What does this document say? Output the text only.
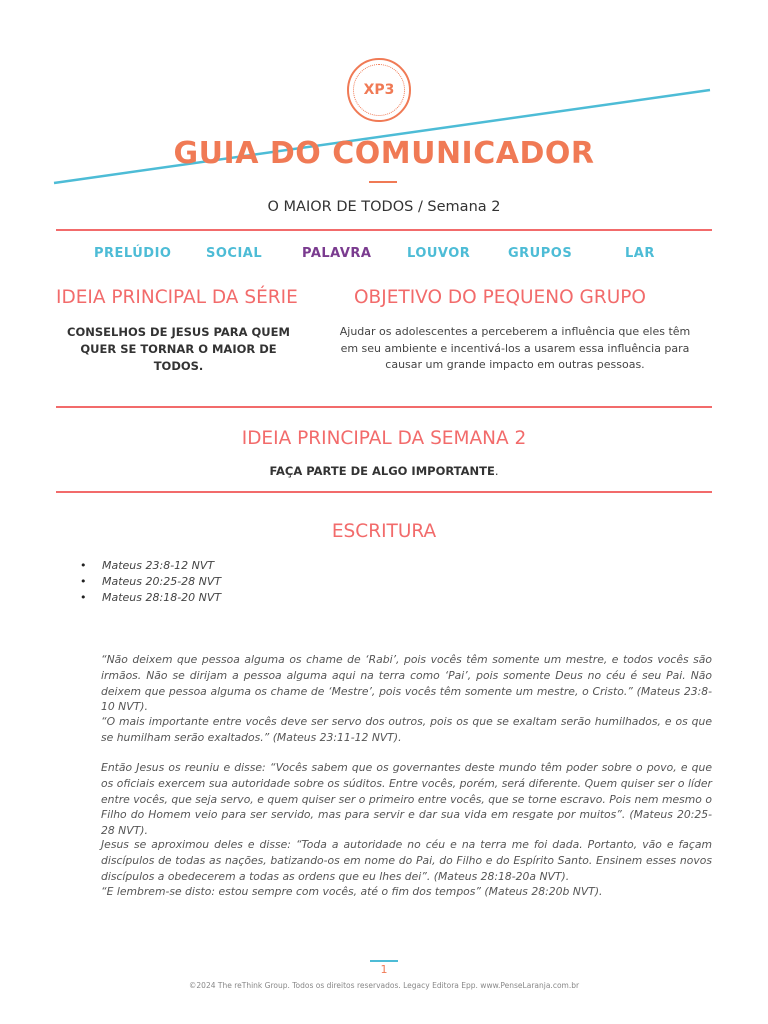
XP3
GUIA DO COMUNICADOR
O MAIOR DE TODOS / Semana 2
PRELÚDIO	SOCIAL	PALAVRA	LOUVOR	GRUPOS	LAR
IDEIA PRINCIPAL DA SÉRIE
CONSELHOS DE JESUS PARA QUEM
QUER SE TORNAR O MAIOR DE TODOS.
OBJETIVO DO PEQUENO GRUPO
Ajudar os adolescentes a perceberem a influência que eles têm
em seu ambiente e incentivá-los a usarem essa influência para
causar um grande impacto em outras pessoas.
IDEIA PRINCIPAL DA SEMANA 2
FAÇA PARTE DE ALGO IMPORTANTE.
ESCRITURA
• Mateus 23:8-12 NVT
• Mateus 20:25-28 NVT
• Mateus 28:18-20 NVT

“Não deixem que pessoa alguma os chame de ‘Rabi’, pois vocês têm somente um mestre, e todos vocês são irmãos. Não se dirijam a pessoa alguma aqui na terra como ‘Pai’, pois somente Deus no céu é seu Pai. Não deixem que pessoa alguma os chame de ‘Mestre’, pois vocês têm somente um mestre, o Cristo.” (Mateus 23:8-10 NVT).

“O mais importante entre vocês deve ser servo dos outros, pois os que se exaltam serão humilhados, e os que se humilham serão exaltados.” (Mateus 23:11-12 NVT).

Então Jesus os reuniu e disse: “Vocês sabem que os governantes deste mundo têm poder sobre o povo, e que os oficiais exercem sua autoridade sobre os súditos. Entre vocês, porém, será diferente. Quem quiser ser o líder entre vocês, que seja servo, e quem quiser ser o primeiro entre vocês, que se torne escravo. Pois nem mesmo o Filho do Homem veio para ser servido, mas para servir e dar sua vida em resgate por muitos”. (Mateus 20:25-28 NVT).

Jesus se aproximou deles e disse: “Toda a autoridade no céu e na terra me foi dada. Portanto, vão e façam discípulos de todas as nações, batizando-os em nome do Pai, do Filho e do Espírito Santo. Ensinem esses novos discípulos a obedecerem a todas as ordens que eu lhes dei”. (Mateus 28:18-20a NVT).

“E lembrem-se disto: estou sempre com vocês, até o fim dos tempos” (Mateus 28:20b NVT).

1
©2024 The reThink Group. Todos os direitos reservados. Legacy Editora Epp. www.PenseLaranja.com.br
